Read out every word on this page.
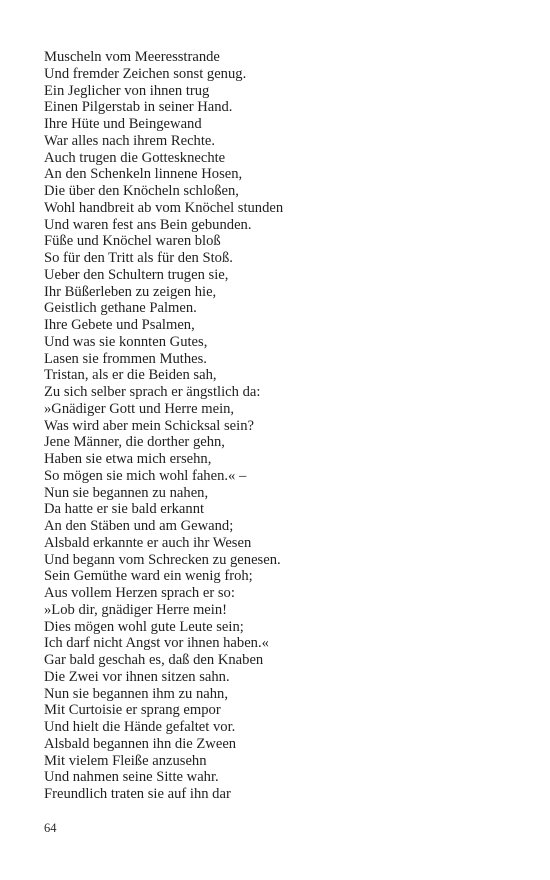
Muscheln vom Meeresstrande
Und fremder Zeichen sonst genug.
Ein Jeglicher von ihnen trug
Einen Pilgerstab in seiner Hand.
Ihre Hüte und Beingewand
War alles nach ihrem Rechte.
Auch trugen die Gottesknechte
An den Schenkeln linnene Hosen,
Die über den Knöcheln schloßen,
Wohl handbreit ab vom Knöchel stunden
Und waren fest ans Bein gebunden.
Füße und Knöchel waren bloß
So für den Tritt als für den Stoß.
Ueber den Schultern trugen sie,
Ihr Büßerleben zu zeigen hie,
Geistlich gethane Palmen.
Ihre Gebete und Psalmen,
Und was sie konnten Gutes,
Lasen sie frommen Muthes.
Tristan, als er die Beiden sah,
Zu sich selber sprach er ängstlich da:
»Gnädiger Gott und Herre mein,
Was wird aber mein Schicksal sein?
Jene Männer, die dorther gehn,
Haben sie etwa mich ersehn,
So mögen sie mich wohl fahen.« –
Nun sie begannen zu nahen,
Da hatte er sie bald erkannt
An den Stäben und am Gewand;
Alsbald erkannte er auch ihr Wesen
Und begann vom Schrecken zu genesen.
Sein Gemüthe ward ein wenig froh;
Aus vollem Herzen sprach er so:
»Lob dir, gnädiger Herre mein!
Dies mögen wohl gute Leute sein;
Ich darf nicht Angst vor ihnen haben.«
Gar bald geschah es, daß den Knaben
Die Zwei vor ihnen sitzen sahn.
Nun sie begannen ihm zu nahn,
Mit Curtoisie er sprang empor
Und hielt die Hände gefaltet vor.
Alsbald begannen ihn die Zween
Mit vielem Fleiße anzusehn
Und nahmen seine Sitte wahr.
Freundlich traten sie auf ihn dar
64
